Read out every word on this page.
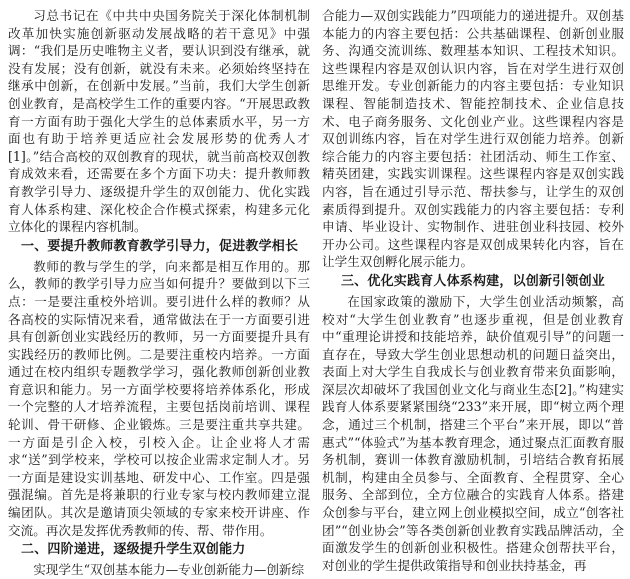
习总书记在《中共中央国务院关于深化体制机制改革加快实施创新驱动发展战略的若干意见》中强调：“我们是历史唯物主义者，要认识到没有继承，就没有发展；没有创新，就没有未来。必须始终坚持在继承中创新，在创新中发展。”当前，我们大学生创新创业教育，是高校学生工作的重要内容。“开展思政教育一方面有助于强化大学生的总体素质水平，另一方面也有助于培养更适应社会发展形势的优秀人才[1]。”结合高校的双创教育的现状，就当前高校双创教育成效来看，还需要在多个方面下功夫：提升教师教育教学引导力、逐级提升学生的双创能力、优化实践育人体系构建、深化校企合作模式探索，构建多元化立体化的课程内容机制。

一、要提升教师教育教学引导力，促进教学相长

教师的教与学生的学，向来都是相互作用的。那么，教师的教学引导力应当如何提升？要做到以下三点：一是要注重校外培训。要引进什么样的教师？从各高校的实际情况来看，通常做法在于一方面要引进具有创新创业实践经历的教师，另一方面要提升具有实践经历的教师比例。二是要注重校内培养。一方面通过在校内组织专题教学学习，强化教师创新创业教育意识和能力。另一方面学校要将培养体系化，形成一个完整的人才培养流程，主要包括岗前培训、课程轮训、骨干研修、企业锻炼。三是要注重共享共建。一方面是引企入校，引校入企。让企业将人才需求“送”到学校来，学校可以按企业需求定制人才。另一方面是建设实训基地、研发中心、工作室。四是强强混编。首先是将兼职的行业专家与校内教师建立混编团队。其次是邀请顶尖领域的专家来校开讲座、作交流。再次是发挥优秀教师的传、帮、带作用。

二、四阶递进，逐级提升学生双创能力

实现学生“双创基本能力—专业创新能力—创新综

合能力—双创实践能力”四项能力的递进提升。双创基本能力的内容主要包括：公共基础课程、创新创业服务、沟通交流训练、数理基本知识、工程技术知识。这些课程内容是双创认识内容，旨在对学生进行双创思维开发。专业创新能力的内容主要包括：专业知识课程、智能制造技术、智能控制技术、企业信息技术、电子商务服务、文化创业产业。这些课程内容是双创训练内容，旨在对学生进行双创能力培养。创新综合能力的内容主要包括：社团活动、师生工作室、精英团建，实践实训课程。这些课程内容是双创实践内容，旨在通过引导示范、帮扶参与，让学生的双创素质得到提升。双创实践能力的内容主要包括：专利申请、毕业设计、实物制作、进驻创业科技园、校外开办公司。这些课程内容是双创成果转化内容，旨在让学生双创孵化展示能力。

三、优化实践育人体系构建，以创新引领创业

在国家政策的激励下，大学生创业活动频繁，高校对“大学生创业教育”也逐步重视，但是创业教育中“重理论讲授和技能培养，缺价值观引导”的问题一直存在，导致大学生创业思想动机的问题日益突出，表面上对大学生自我成长与创业教育带来负面影响，深层次却破坏了我国创业文化与商业生态[2]。”构建实践育人体系要紧紧围绕“233”来开展，即“树立两个理念，通过三个机制，搭建三个平台”来开展，即以“普惠式”“体验式”为基本教育理念，通过聚点汇面教育服务机制，赛训一体教育激励机制，引培结合教育拓展机制，构建由全员参与、全面教育、全程贯穿、全心服务、全部到位，全方位融合的实践育人体系。搭建众创参与平台，建立网上创业模拟空间，成立“创客社团”“创业协会”等各类创新创业教育实践品牌活动，全面激发学生的创新创业积极性。搭建众创帮扶平台，对创业的学生提供政策指导和创业扶持基金，再
